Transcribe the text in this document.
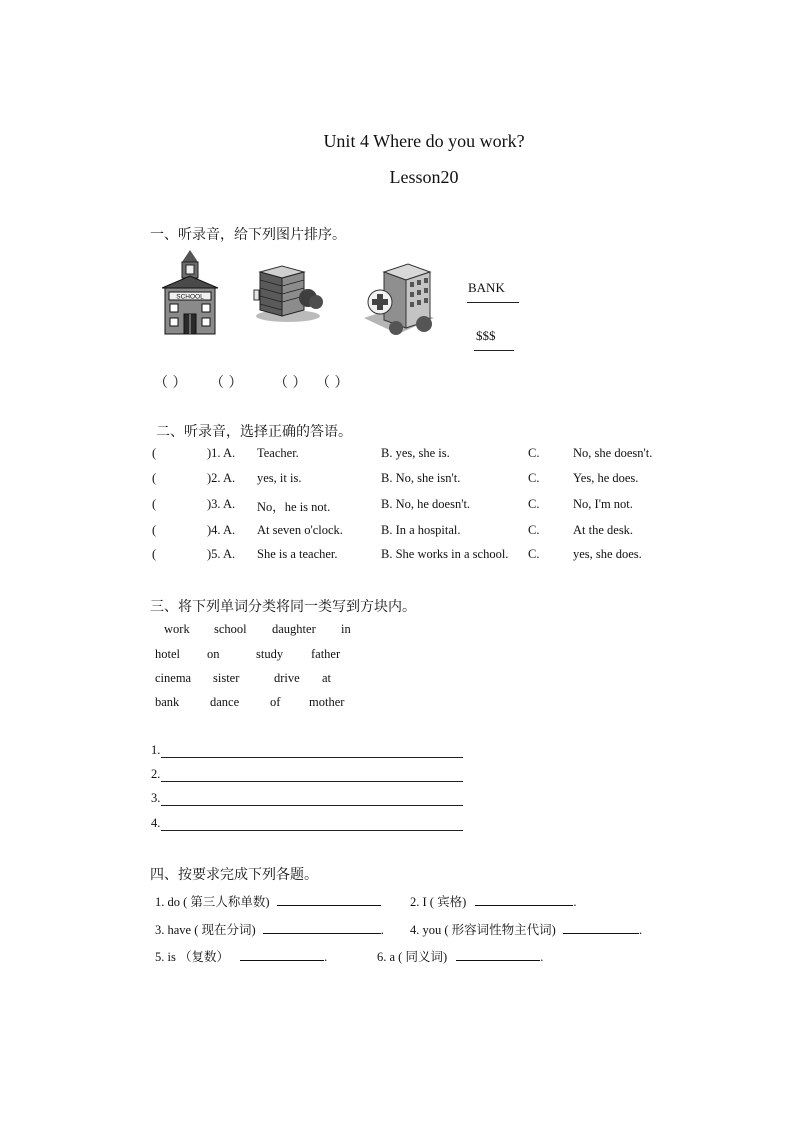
Unit 4 Where do you work?
Lesson20
一、听录音，给下列图片排序。
SCHOOL
BANK
$$$
（ ） （ ） （ ） （ ）
二、听录音，选择正确的答语。
(	)1. A. Teacher.	B. yes, she is.	C.	No, she doesn't.
(	)2. A. yes, it is.	B. No, she isn't.	C.	Yes, he does.
(	)3. A. No，he is not.	B. No, he doesn't.	C.	No, I'm not.
(	)4. A. At seven o'clock.	B. In a hospital.	C.	At the desk.
(	)5. A. She is a teacher.	B. She works in a school. C.	yes, she does.
三、将下列单词分类将同一类写到方块内。
work school daughter in
hotel on	study father
cinema sister	drive at
bank dance of mother
1.
2.
3.
4.
四、按要求完成下列各题。
1. do ( 第三人称单数)	2. I ( 宾格)	.
3. have ( 现在分词)	. 4. you ( 形容词性物主代词)	.
5. is （复数）	.	6. a ( 同义词)	.
